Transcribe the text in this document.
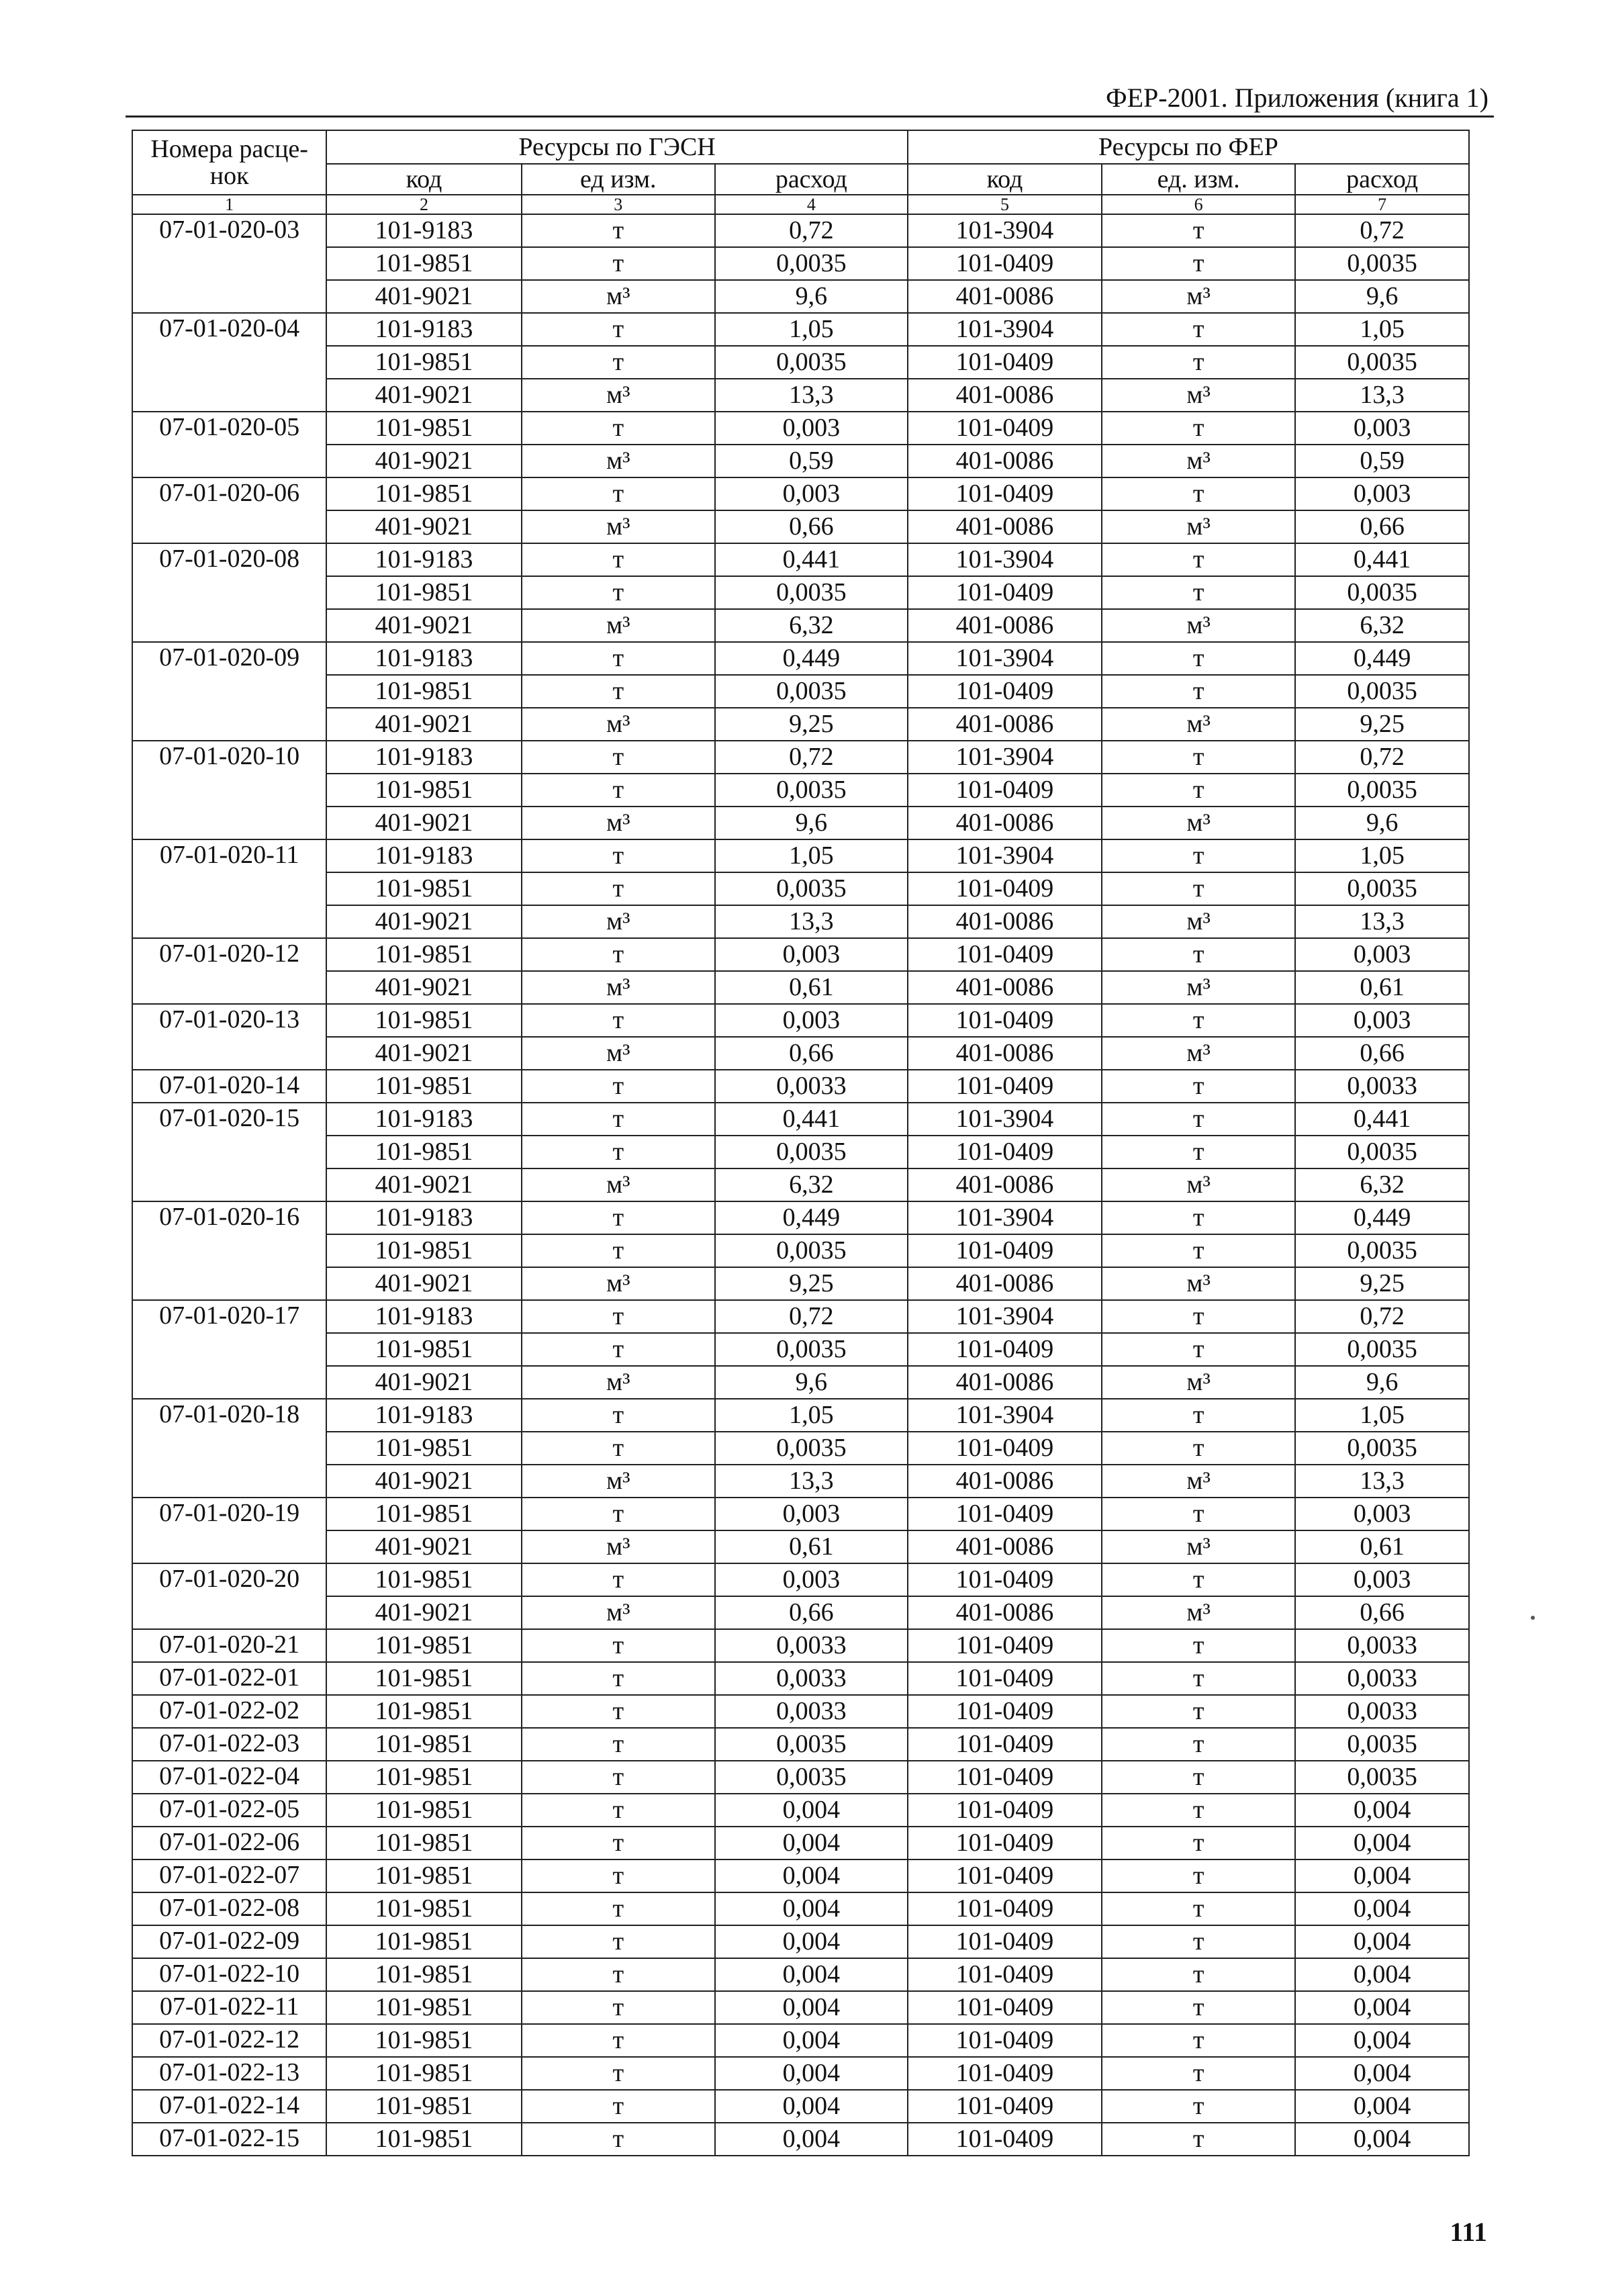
ФЕР-2001. Приложения (книга 1)
Номера расце-нок	Ресурсы по ГЭСН			Ресурсы по ФЕР		
	код	ед изм.	расход	код	ед. изм.	расход
1	2	3	4	5	6	7
07-01-020-03	101-9183	т	0,72	101-3904	т	0,72
	101-9851	т	0,0035	101-0409	т	0,0035
	401-9021	м³	9,6	401-0086	м³	9,6
07-01-020-04	101-9183	т	1,05	101-3904	т	1,05
	101-9851	т	0,0035	101-0409	т	0,0035
	401-9021	м³	13,3	401-0086	м³	13,3
07-01-020-05	101-9851	т	0,003	101-0409	т	0,003
	401-9021	м³	0,59	401-0086	м³	0,59
07-01-020-06	101-9851	т	0,003	101-0409	т	0,003
	401-9021	м³	0,66	401-0086	м³	0,66
07-01-020-08	101-9183	т	0,441	101-3904	т	0,441
	101-9851	т	0,0035	101-0409	т	0,0035
	401-9021	м³	6,32	401-0086	м³	6,32
07-01-020-09	101-9183	т	0,449	101-3904	т	0,449
	101-9851	т	0,0035	101-0409	т	0,0035
	401-9021	м³	9,25	401-0086	м³	9,25
07-01-020-10	101-9183	т	0,72	101-3904	т	0,72
	101-9851	т	0,0035	101-0409	т	0,0035
	401-9021	м³	9,6	401-0086	м³	9,6
07-01-020-11	101-9183	т	1,05	101-3904	т	1,05
	101-9851	т	0,0035	101-0409	т	0,0035
	401-9021	м³	13,3	401-0086	м³	13,3
07-01-020-12	101-9851	т	0,003	101-0409	т	0,003
	401-9021	м³	0,61	401-0086	м³	0,61
07-01-020-13	101-9851	т	0,003	101-0409	т	0,003
	401-9021	м³	0,66	401-0086	м³	0,66
07-01-020-14	101-9851	т	0,0033	101-0409	т	0,0033
07-01-020-15	101-9183	т	0,441	101-3904	т	0,441
	101-9851	т	0,0035	101-0409	т	0,0035
	401-9021	м³	6,32	401-0086	м³	6,32
07-01-020-16	101-9183	т	0,449	101-3904	т	0,449
	101-9851	т	0,0035	101-0409	т	0,0035
	401-9021	м³	9,25	401-0086	м³	9,25
07-01-020-17	101-9183	т	0,72	101-3904	т	0,72
	101-9851	т	0,0035	101-0409	т	0,0035
	401-9021	м³	9,6	401-0086	м³	9,6
07-01-020-18	101-9183	т	1,05	101-3904	т	1,05
	101-9851	т	0,0035	101-0409	т	0,0035
	401-9021	м³	13,3	401-0086	м³	13,3
07-01-020-19	101-9851	т	0,003	101-0409	т	0,003
	401-9021	м³	0,61	401-0086	м³	0,61
07-01-020-20	101-9851	т	0,003	101-0409	т	0,003
	401-9021	м³	0,66	401-0086	м³	0,66
07-01-020-21	101-9851	т	0,0033	101-0409	т	0,0033
07-01-022-01	101-9851	т	0,0033	101-0409	т	0,0033
07-01-022-02	101-9851	т	0,0033	101-0409	т	0,0033
07-01-022-03	101-9851	т	0,0035	101-0409	т	0,0035
07-01-022-04	101-9851	т	0,0035	101-0409	т	0,0035
07-01-022-05	101-9851	т	0,004	101-0409	т	0,004
07-01-022-06	101-9851	т	0,004	101-0409	т	0,004
07-01-022-07	101-9851	т	0,004	101-0409	т	0,004
07-01-022-08	101-9851	т	0,004	101-0409	т	0,004
07-01-022-09	101-9851	т	0,004	101-0409	т	0,004
07-01-022-10	101-9851	т	0,004	101-0409	т	0,004
07-01-022-11	101-9851	т	0,004	101-0409	т	0,004
07-01-022-12	101-9851	т	0,004	101-0409	т	0,004
07-01-022-13	101-9851	т	0,004	101-0409	т	0,004
07-01-022-14	101-9851	т	0,004	101-0409	т	0,004
07-01-022-15	101-9851	т	0,004	101-0409	т	0,004
111
